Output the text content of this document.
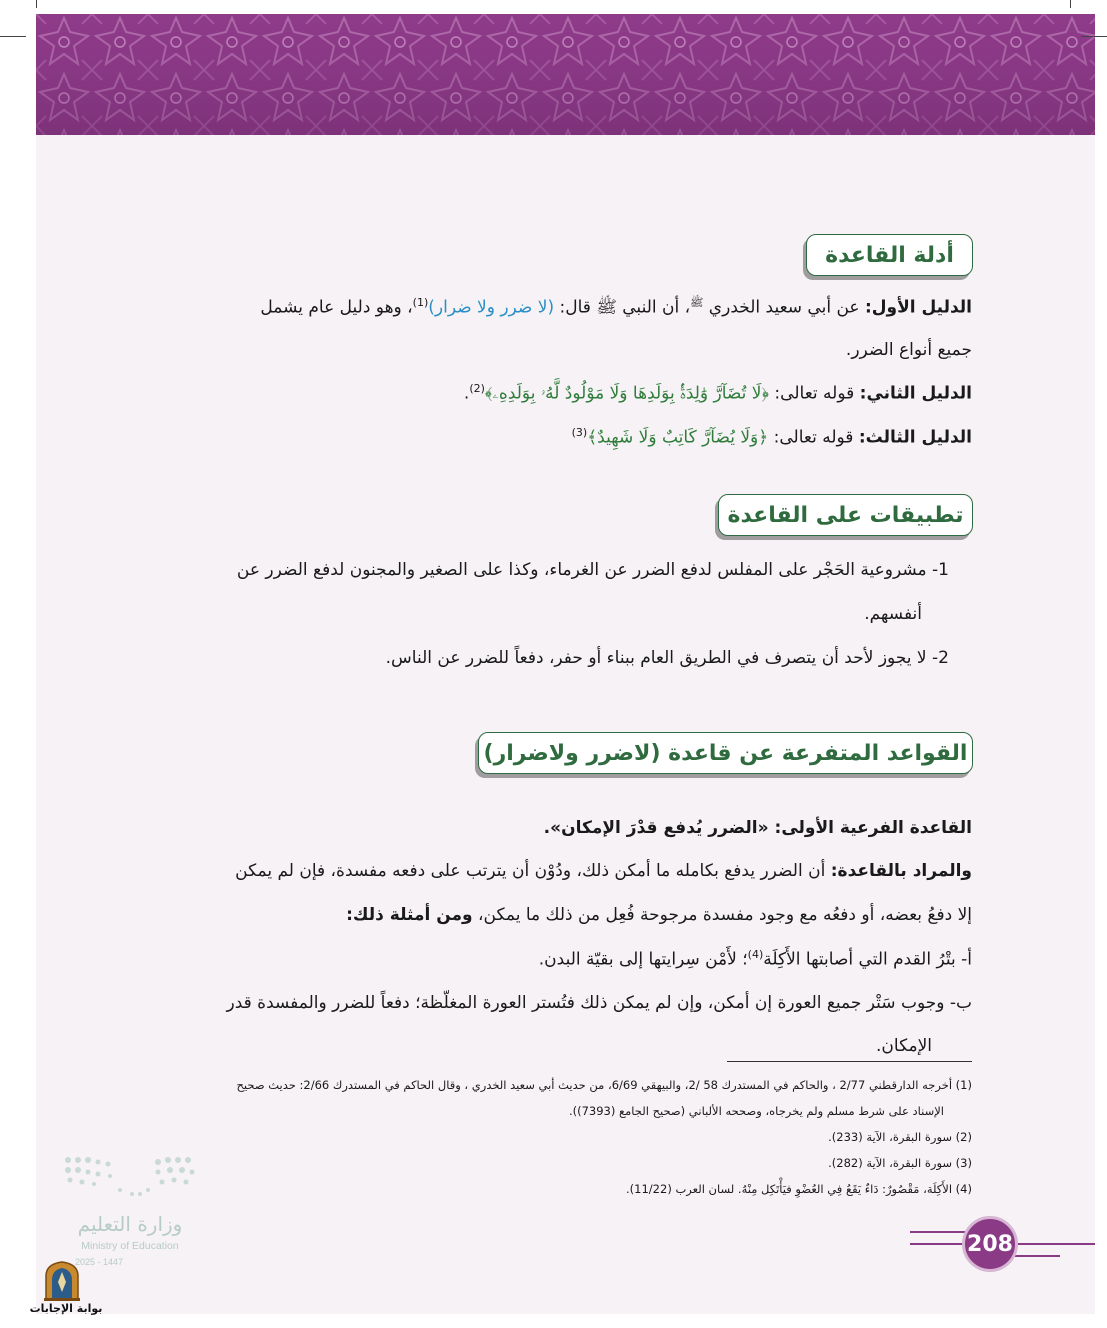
أدلة القاعدة
الدليل الأول: عن أبي سعيد الخدري $^ﷺ$، أن النبي ﷺ قال: (لا ضرر ولا ضرار)$^{(1)}$، وهو دليل عام يشمل
جميع أنواع الضرر.
الدليل الثاني: قوله تعالى: ﴿لَا تُضَآرَّ وَٰلِدَةُۢ بِوَلَدِهَا وَلَا مَوْلُودٌ لَّهُۥ بِوَلَدِهِۦ﴾$^{(2)}$.
الدليل الثالث: قوله تعالى: ﴿وَلَا يُضَآرَّ كَاتِبٌ وَلَا شَهِيدٌ﴾$^{(3)}$
تطبيقات على القاعدة
1- مشروعية الحَجْر على المفلس لدفع الضرر عن الغرماء، وكذا على الصغير والمجنون لدفع الضرر عن
أنفسهم.
2- لا يجوز لأحد أن يتصرف في الطريق العام ببناء أو حفر، دفعاً للضرر عن الناس.
القواعد المتفرعة عن قاعدة (لاضرر ولاضرار)
القاعدة الفرعية الأولى: «الضرر يُدفع قدْرَ الإمكان».
والمراد بالقاعدة: أن الضرر يدفع بكامله ما أمكن ذلك، ودُوْن أن يترتب على دفعه مفسدة، فإن لم يمكن
إلا دفعُ بعضه، أو دفعُه مع وجود مفسدة مرجوحة فُعِل من ذلك ما يمكن، ومن أمثلة ذلك:
أ- بتْرُ القدم التي أصابتها الأَكِلَة$^{(4)}$؛ لأَمْن سِرايتها إلى بقيّة البدن.
ب- وجوب سَتْر جميع العورة إن أمكن، وإن لم يمكن ذلك فتُستر العورة المغلّظة؛ دفعاً للضرر والمفسدة قدر
الإمكان.
(1) أخرجه الدارقطني 2/77 ، والحاكم في المستدرك 58 /2، والبيهقي 6/69، من حديث أبي سعيد الخدري ، وقال الحاكم في المستدرك 2/66: حديث صحيح
الإسناد على شرط مسلم ولم يخرجاه، وصححه الألباني (صحيح الجامع (7393)).
(2) سورة البقرة، الآية (233).
(3) سورة البقرة، الآية (282).
(4) الأَكِلَة، مَقْصُورٌ: دَاءٌ يَقَعُ فِي العُضْوِ فيَأْتَكِل مِنْهُ. لسان العرب (11/22).
208
وزارة التعليم
Ministry of Education
2025 - 1447
بوابة الإجابات
